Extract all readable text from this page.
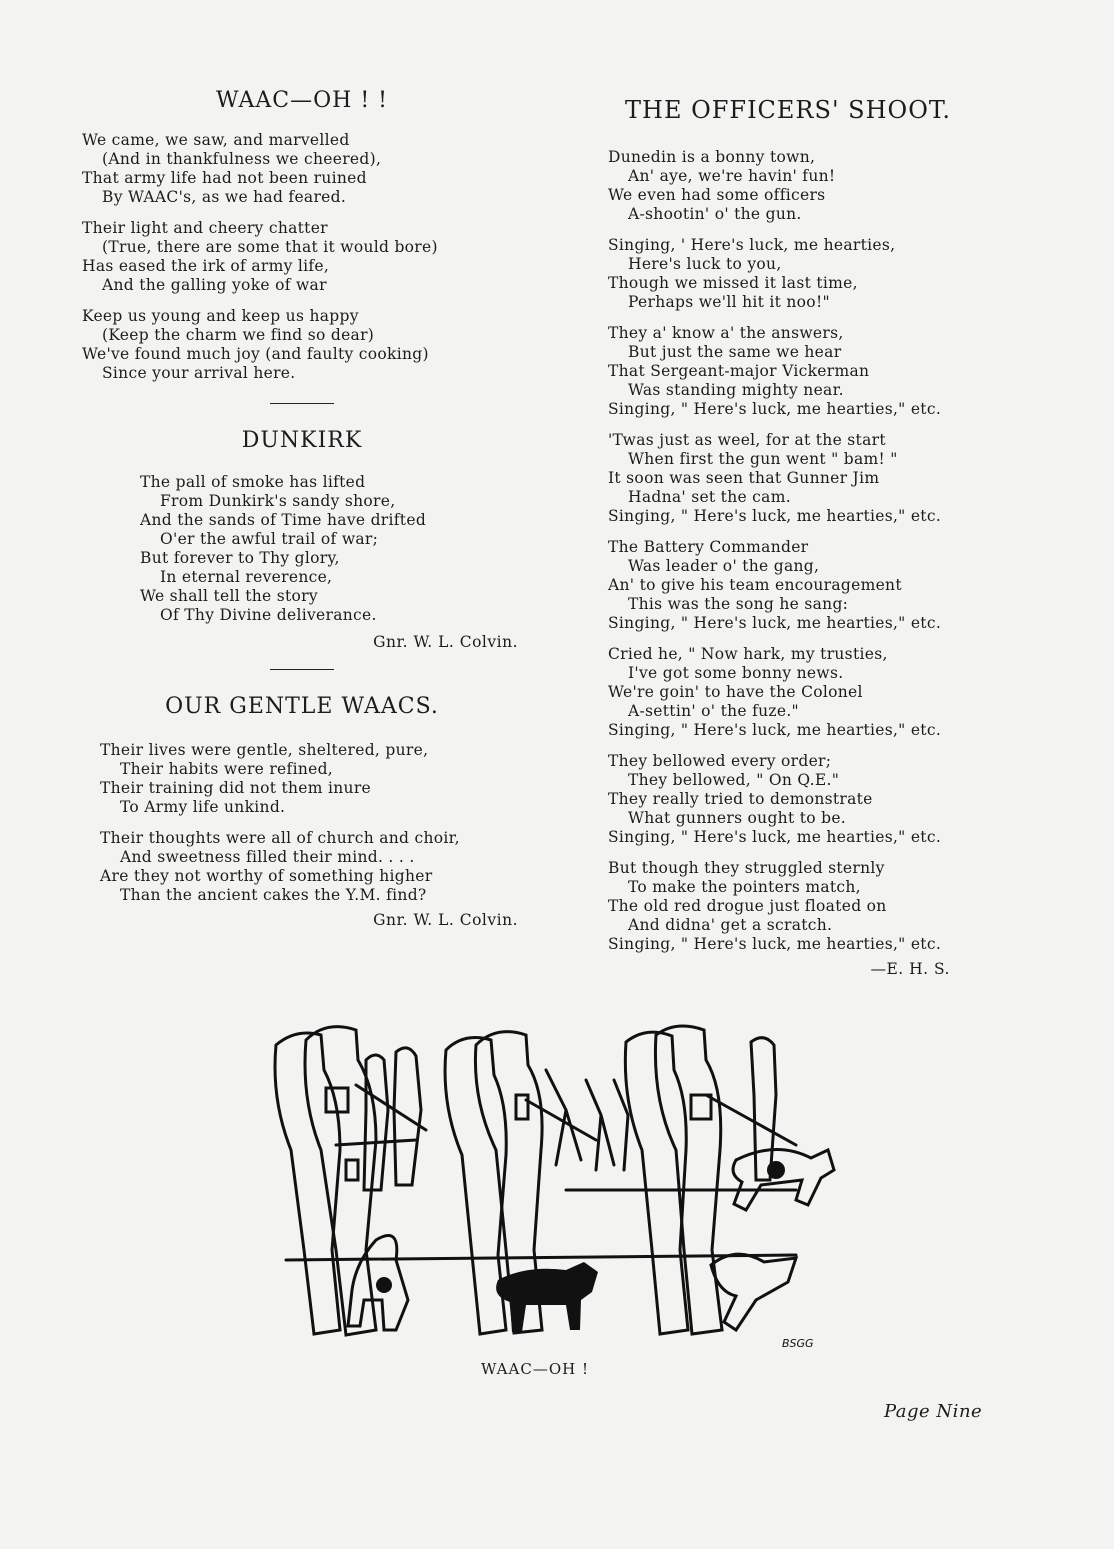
WAAC—OH ! !
We came, we saw, and marvelled
(And in thankfulness we cheered),
That army life had not been ruined
By WAAC's, as we had feared.
Their light and cheery chatter
(True, there are some that it would bore)
Has eased the irk of army life,
And the galling yoke of war
Keep us young and keep us happy
(Keep the charm we find so dear)
We've found much joy (and faulty cooking)
Since your arrival here.
DUNKIRK
The pall of smoke has lifted
From Dunkirk's sandy shore,
And the sands of Time have drifted
O'er the awful trail of war;
But forever to Thy glory,
In eternal reverence,
We shall tell the story
Of Thy Divine deliverance.
Gnr. W. L. Colvin.
OUR GENTLE WAACS.
Their lives were gentle, sheltered, pure,
Their habits were refined,
Their training did not them inure
To Army life unkind.
Their thoughts were all of church and choir,
And sweetness filled their mind. . . .
Are they not worthy of something higher
Than the ancient cakes the Y.M. find?
Gnr. W. L. Colvin.
THE OFFICERS' SHOOT.
Dunedin is a bonny town,
An' aye, we're havin' fun!
We even had some officers
A-shootin' o' the gun.
Singing, ' Here's luck, me hearties,
Here's luck to you,
Though we missed it last time,
Perhaps we'll hit it noo!"
They a' know a' the answers,
But just the same we hear
That Sergeant-major Vickerman
Was standing mighty near.
Singing, " Here's luck, me hearties," etc.
'Twas just as weel, for at the start
When first the gun went " bam! "
It soon was seen that Gunner Jim
Hadna' set the cam.
Singing, " Here's luck, me hearties," etc.
The Battery Commander
Was leader o' the gang,
An' to give his team encouragement
This was the song he sang:
Singing, " Here's luck, me hearties," etc.
Cried he, " Now hark, my trusties,
I've got some bonny news.
We're goin' to have the Colonel
A-settin' o' the fuze."
Singing, " Here's luck, me hearties," etc.
They bellowed every order;
They bellowed, " On Q.E."
They really tried to demonstrate
What gunners ought to be.
Singing, " Here's luck, me hearties," etc.
But though they struggled sternly
To make the pointers match,
The old red drogue just floated on
And didna' get a scratch.
Singing, " Here's luck, me hearties," etc.
—E. H. S.
BSGG
WAAC—OH !
Page Nine
